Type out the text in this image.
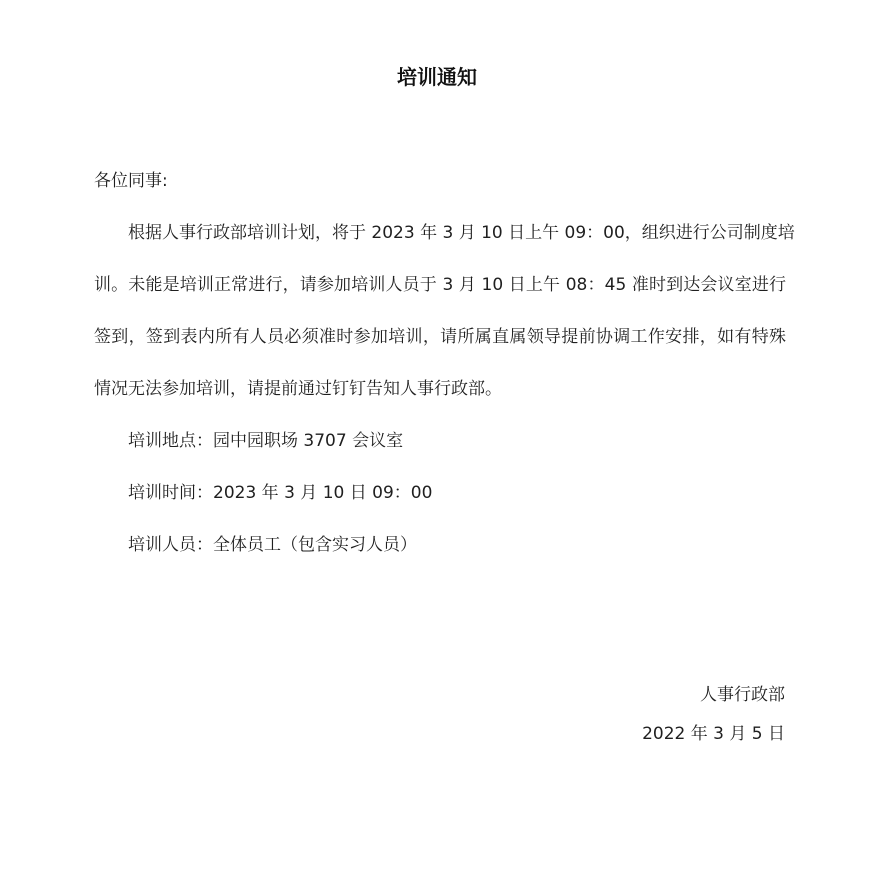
培训通知
各位同事:
根据人事行政部培训计划，将于 2023 年 3 月 10 日上午 09：00，组织进行公司制度培
训。未能是培训正常进行，请参加培训人员于 3 月 10 日上午 08：45 准时到达会议室进行
签到，签到表内所有人员必须准时参加培训，请所属直属领导提前协调工作安排，如有特殊
情况无法参加培训，请提前通过钉钉告知人事行政部。
培训地点：园中园职场 3707 会议室
培训时间：2023 年 3 月 10 日 09：00
培训人员：全体员工（包含实习人员）
人事行政部
2022 年 3 月 5 日
